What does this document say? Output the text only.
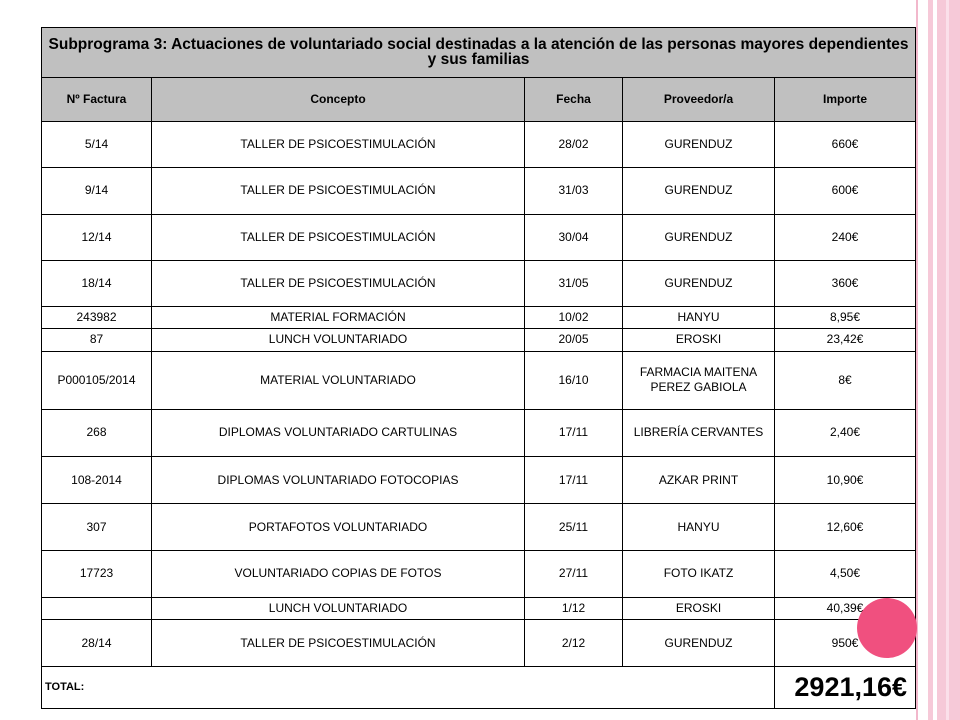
Subprograma 3: Actuaciones de voluntariado social destinadas a la atención de las personas mayores dependientes y sus familias				
Nº Factura	Concepto	Fecha	Proveedor/a	Importe
5/14	TALLER DE PSICOESTIMULACIÓN	28/02	GURENDUZ	660€
9/14	TALLER DE PSICOESTIMULACIÓN	31/03	GURENDUZ	600€
12/14	TALLER DE PSICOESTIMULACIÓN	30/04	GURENDUZ	240€
18/14	TALLER DE PSICOESTIMULACIÓN	31/05	GURENDUZ	360€
243982	MATERIAL FORMACIÓN	10/02	HANYU	8,95€
87	LUNCH VOLUNTARIADO	20/05	EROSKI	23,42€
P000105/2014	MATERIAL VOLUNTARIADO	16/10	FARMACIA MAITENA PEREZ GABIOLA	8€
268	DIPLOMAS VOLUNTARIADO CARTULINAS	17/11	LIBRERÍA CERVANTES	2,40€
108-2014	DIPLOMAS VOLUNTARIADO FOTOCOPIAS	17/11	AZKAR PRINT	10,90€
307	PORTAFOTOS VOLUNTARIADO	25/11	HANYU	12,60€
17723	VOLUNTARIADO COPIAS DE FOTOS	27/11	FOTO IKATZ	4,50€
	LUNCH VOLUNTARIADO	1/12	EROSKI	40,39€
28/14	TALLER DE PSICOESTIMULACIÓN	2/12	GURENDUZ	950€
TOTAL:				2921,16€
